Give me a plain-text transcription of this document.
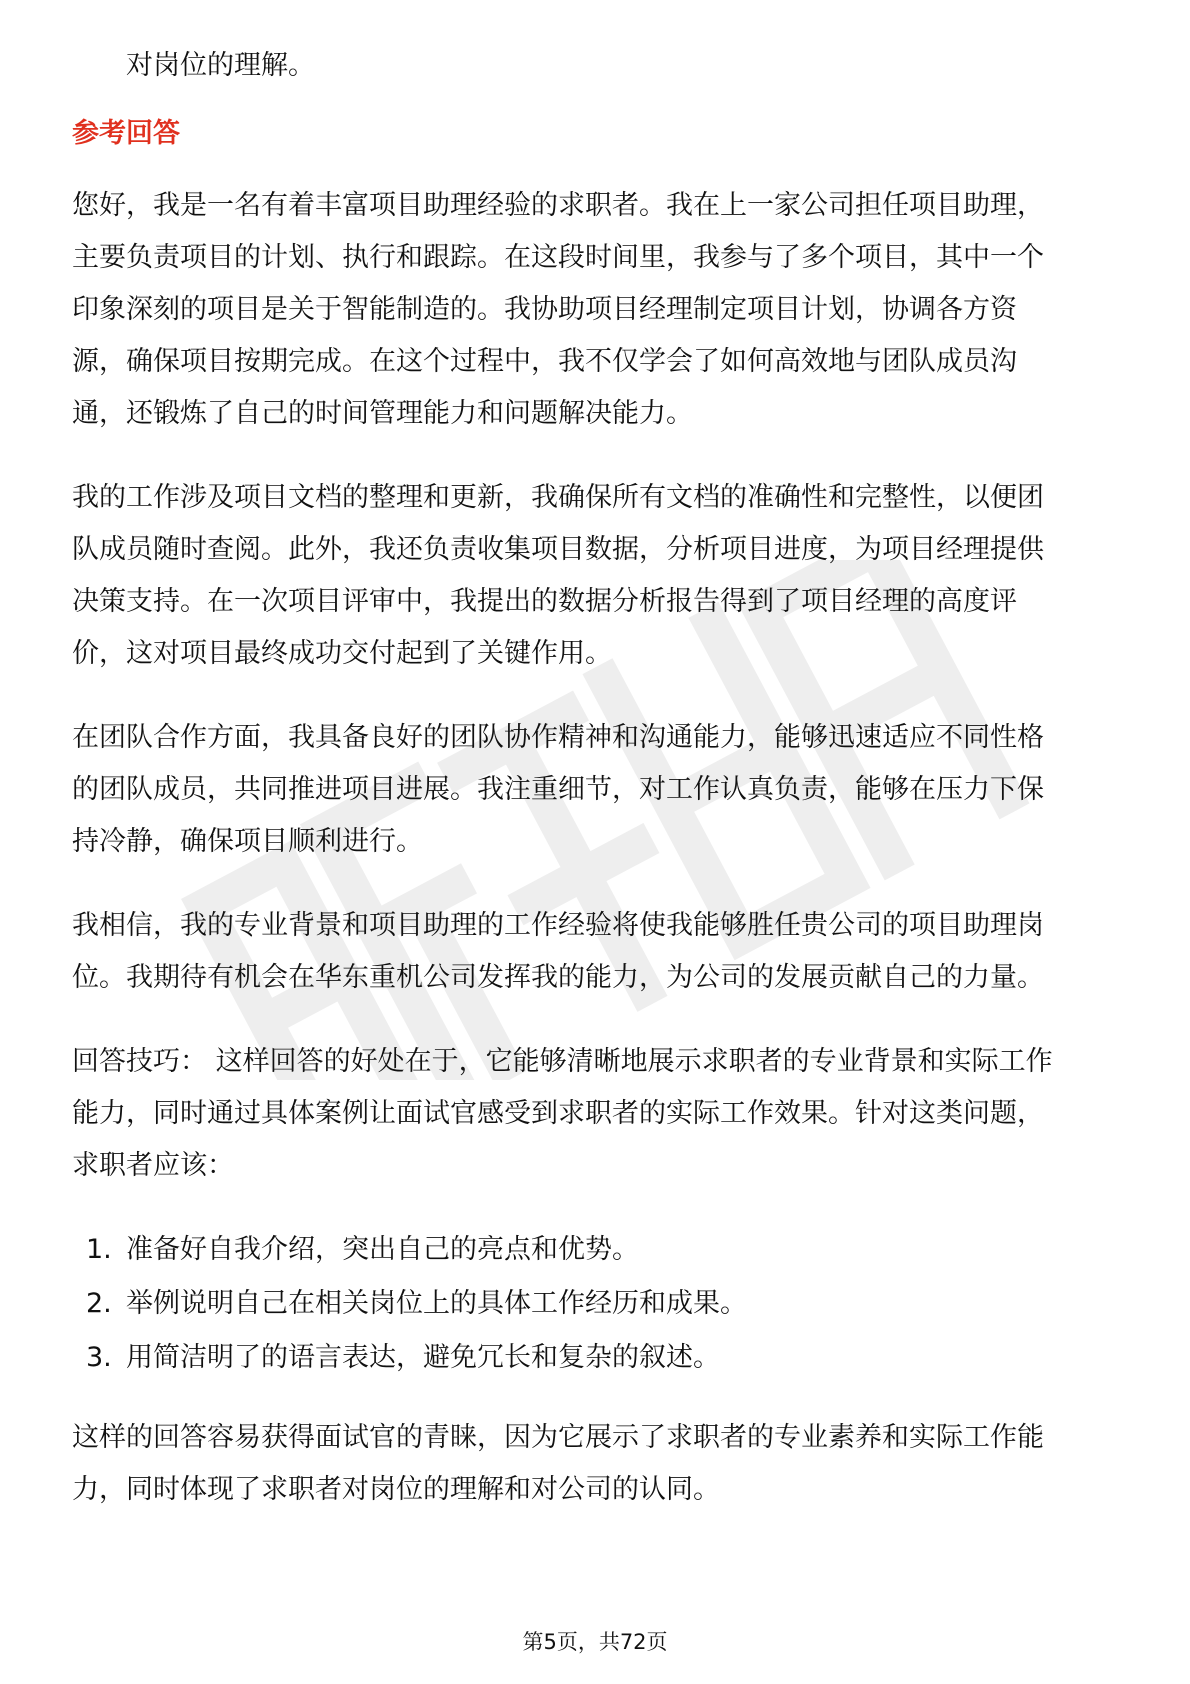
对岗位的理解。
参考回答
您好，我是一名有着丰富项目助理经验的求职者。我在上一家公司担任项目助理，
主要负责项目的计划、执行和跟踪。在这段时间里，我参与了多个项目，其中一个
印象深刻的项目是关于智能制造的。我协助项目经理制定项目计划，协调各方资
源，确保项目按期完成。在这个过程中，我不仅学会了如何高效地与团队成员沟
通，还锻炼了自己的时间管理能力和问题解决能力。
我的工作涉及项目文档的整理和更新，我确保所有文档的准确性和完整性，以便团
队成员随时查阅。此外，我还负责收集项目数据，分析项目进度，为项目经理提供
决策支持。在一次项目评审中，我提出的数据分析报告得到了项目经理的高度评
价，这对项目最终成功交付起到了关键作用。
在团队合作方面，我具备良好的团队协作精神和沟通能力，能够迅速适应不同性格
的团队成员，共同推进项目进展。我注重细节，对工作认真负责，能够在压力下保
持冷静，确保项目顺利进行。
我相信，我的专业背景和项目助理的工作经验将使我能够胜任贵公司的项目助理岗
位。我期待有机会在华东重机公司发挥我的能力，为公司的发展贡献自己的力量。
回答技巧： 这样回答的好处在于，它能够清晰地展示求职者的专业背景和实际工作
能力，同时通过具体案例让面试官感受到求职者的实际工作效果。针对这类问题，
求职者应该：
1. 准备好自我介绍，突出自己的亮点和优势。
2. 举例说明自己在相关岗位上的具体工作经历和成果。
3. 用简洁明了的语言表达，避免冗长和复杂的叙述。
这样的回答容易获得面试官的青睐，因为它展示了求职者的专业素养和实际工作能
力，同时体现了求职者对岗位的理解和对公司的认同。
第5页，共72页
